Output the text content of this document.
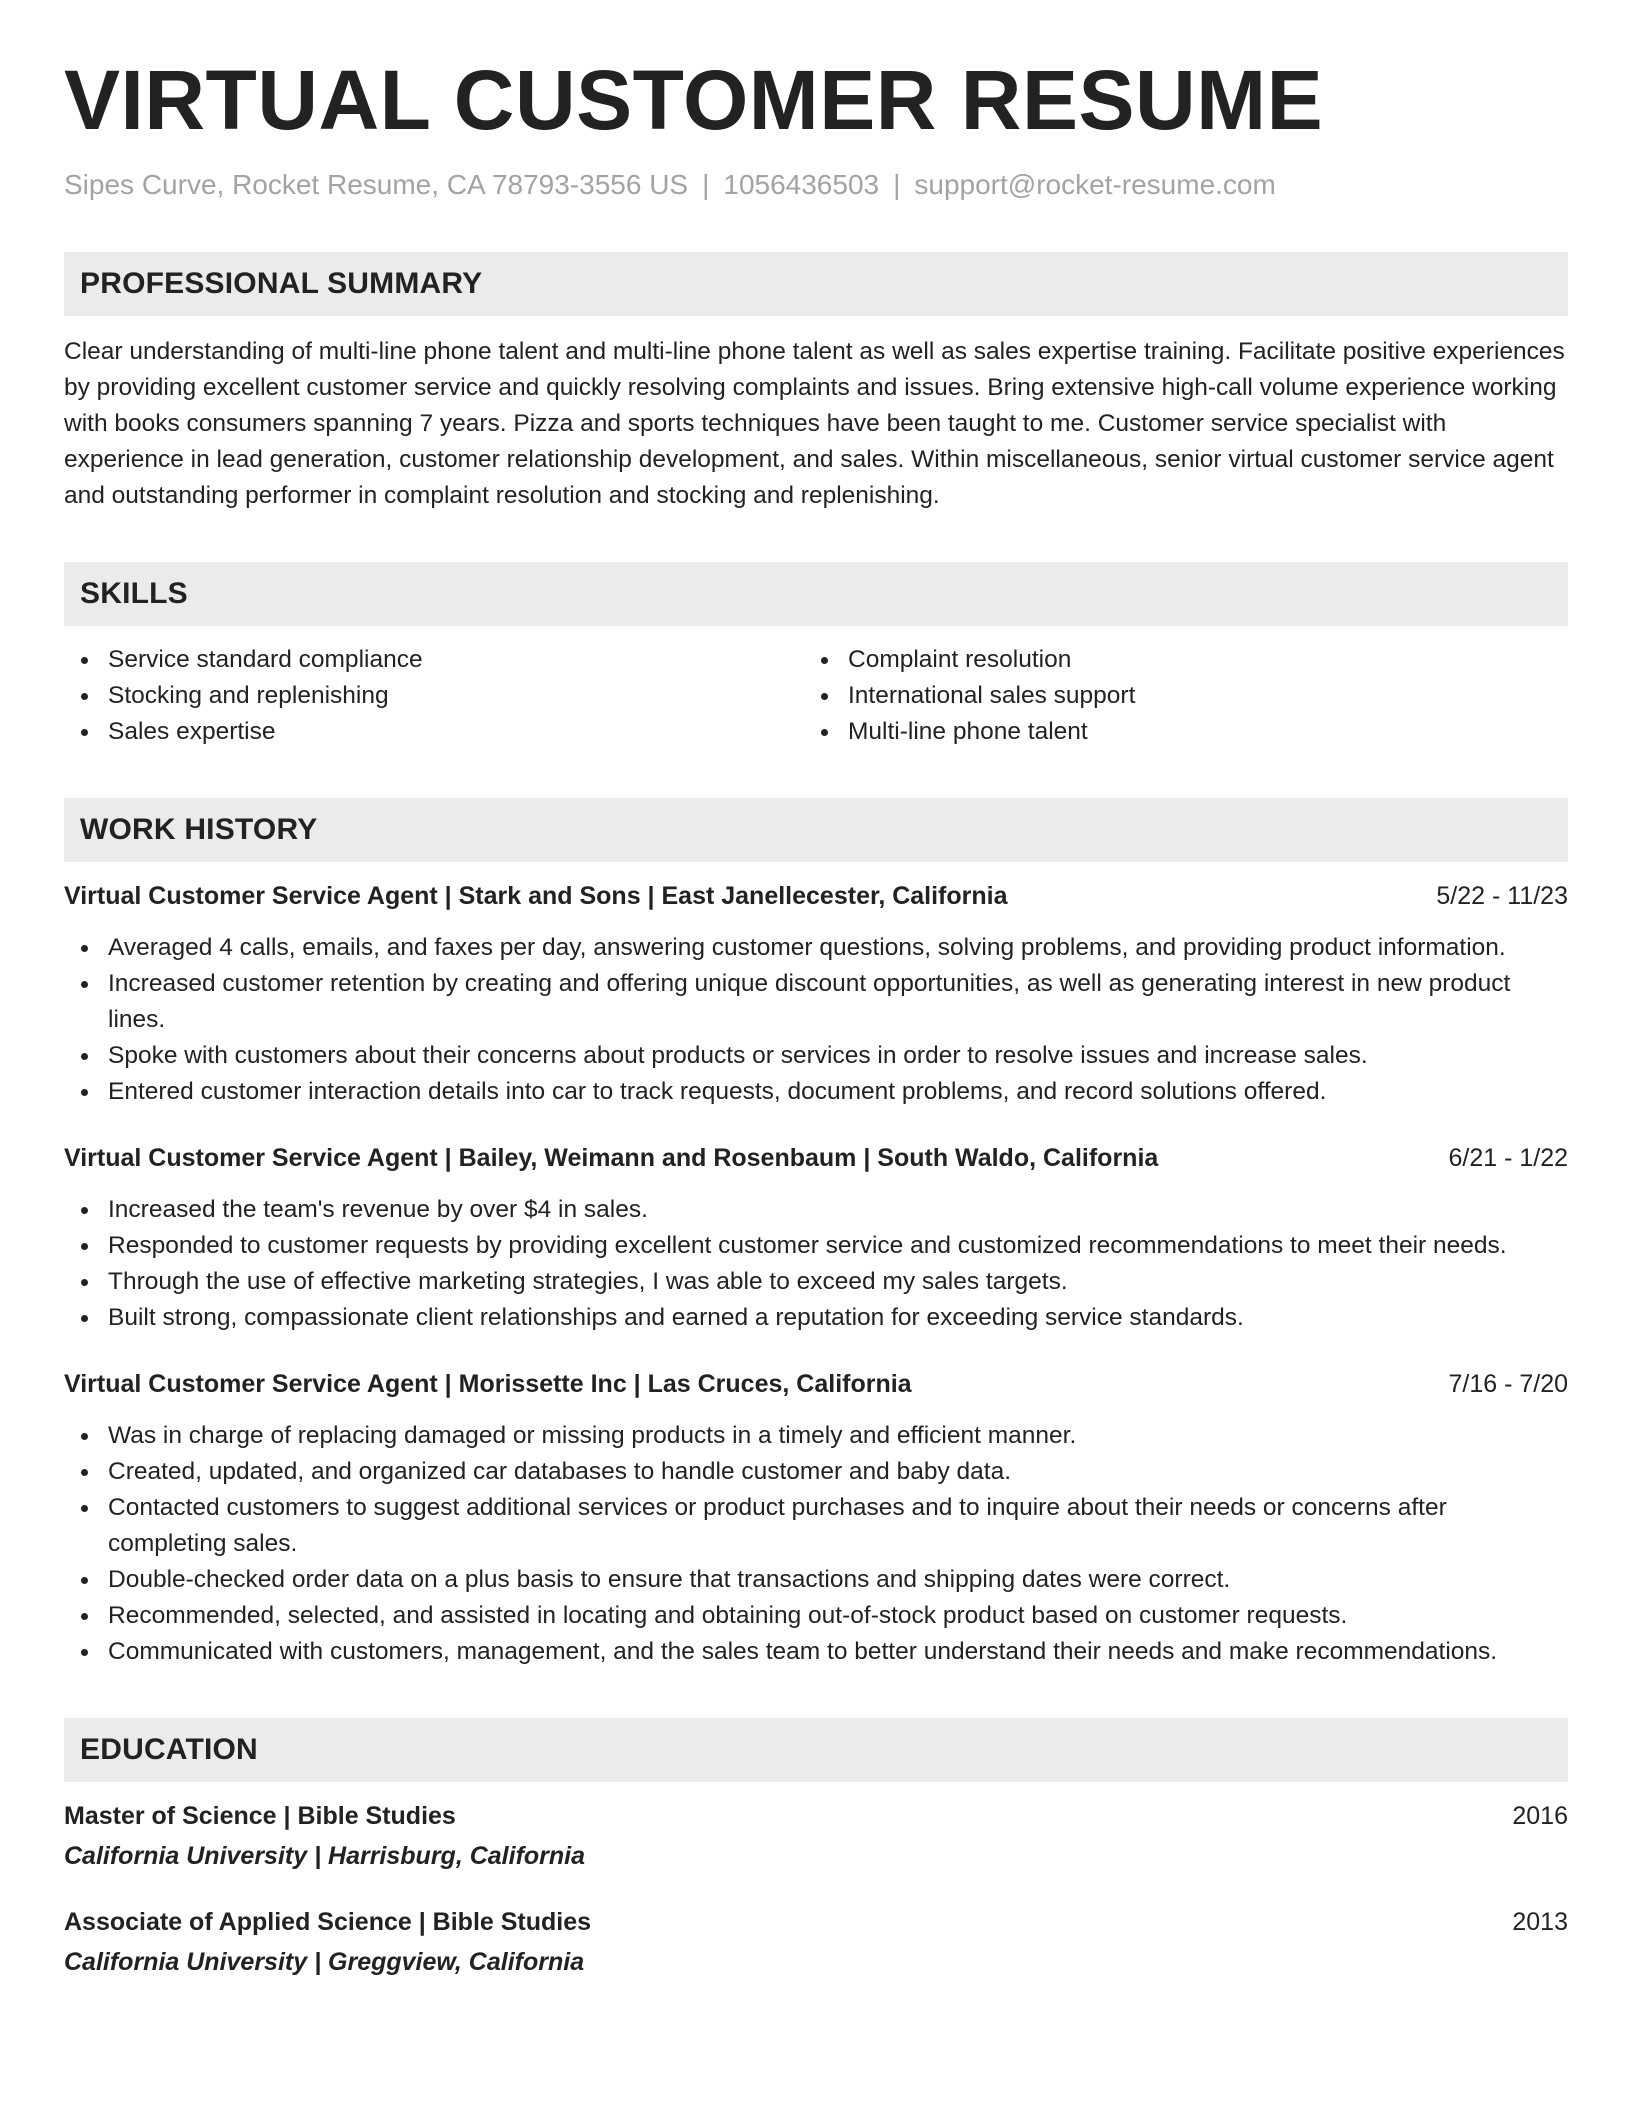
VIRTUAL CUSTOMER RESUME
Sipes Curve, Rocket Resume, CA 78793-3556 US | 1056436503 | support@rocket-resume.com
PROFESSIONAL SUMMARY
Clear understanding of multi-line phone talent and multi-line phone talent as well as sales expertise training. Facilitate positive experiences by providing excellent customer service and quickly resolving complaints and issues. Bring extensive high-call volume experience working with books consumers spanning 7 years. Pizza and sports techniques have been taught to me. Customer service specialist with experience in lead generation, customer relationship development, and sales. Within miscellaneous, senior virtual customer service agent and outstanding performer in complaint resolution and stocking and replenishing.
SKILLS
Service standard compliance
Stocking and replenishing
Sales expertise
Complaint resolution
International sales support
Multi-line phone talent
WORK HISTORY
Virtual Customer Service Agent | Stark and Sons | East Janellecester, California	5/22 - 11/23
Averaged 4 calls, emails, and faxes per day, answering customer questions, solving problems, and providing product information.
Increased customer retention by creating and offering unique discount opportunities, as well as generating interest in new product lines.
Spoke with customers about their concerns about products or services in order to resolve issues and increase sales.
Entered customer interaction details into car to track requests, document problems, and record solutions offered.
Virtual Customer Service Agent | Bailey, Weimann and Rosenbaum | South Waldo, California	6/21 - 1/22
Increased the team's revenue by over $4 in sales.
Responded to customer requests by providing excellent customer service and customized recommendations to meet their needs.
Through the use of effective marketing strategies, I was able to exceed my sales targets.
Built strong, compassionate client relationships and earned a reputation for exceeding service standards.
Virtual Customer Service Agent | Morissette Inc | Las Cruces, California	7/16 - 7/20
Was in charge of replacing damaged or missing products in a timely and efficient manner.
Created, updated, and organized car databases to handle customer and baby data.
Contacted customers to suggest additional services or product purchases and to inquire about their needs or concerns after completing sales.
Double-checked order data on a plus basis to ensure that transactions and shipping dates were correct.
Recommended, selected, and assisted in locating and obtaining out-of-stock product based on customer requests.
Communicated with customers, management, and the sales team to better understand their needs and make recommendations.
EDUCATION
Master of Science | Bible Studies	2016
California University | Harrisburg, California
Associate of Applied Science | Bible Studies	2013
California University | Greggview, California
